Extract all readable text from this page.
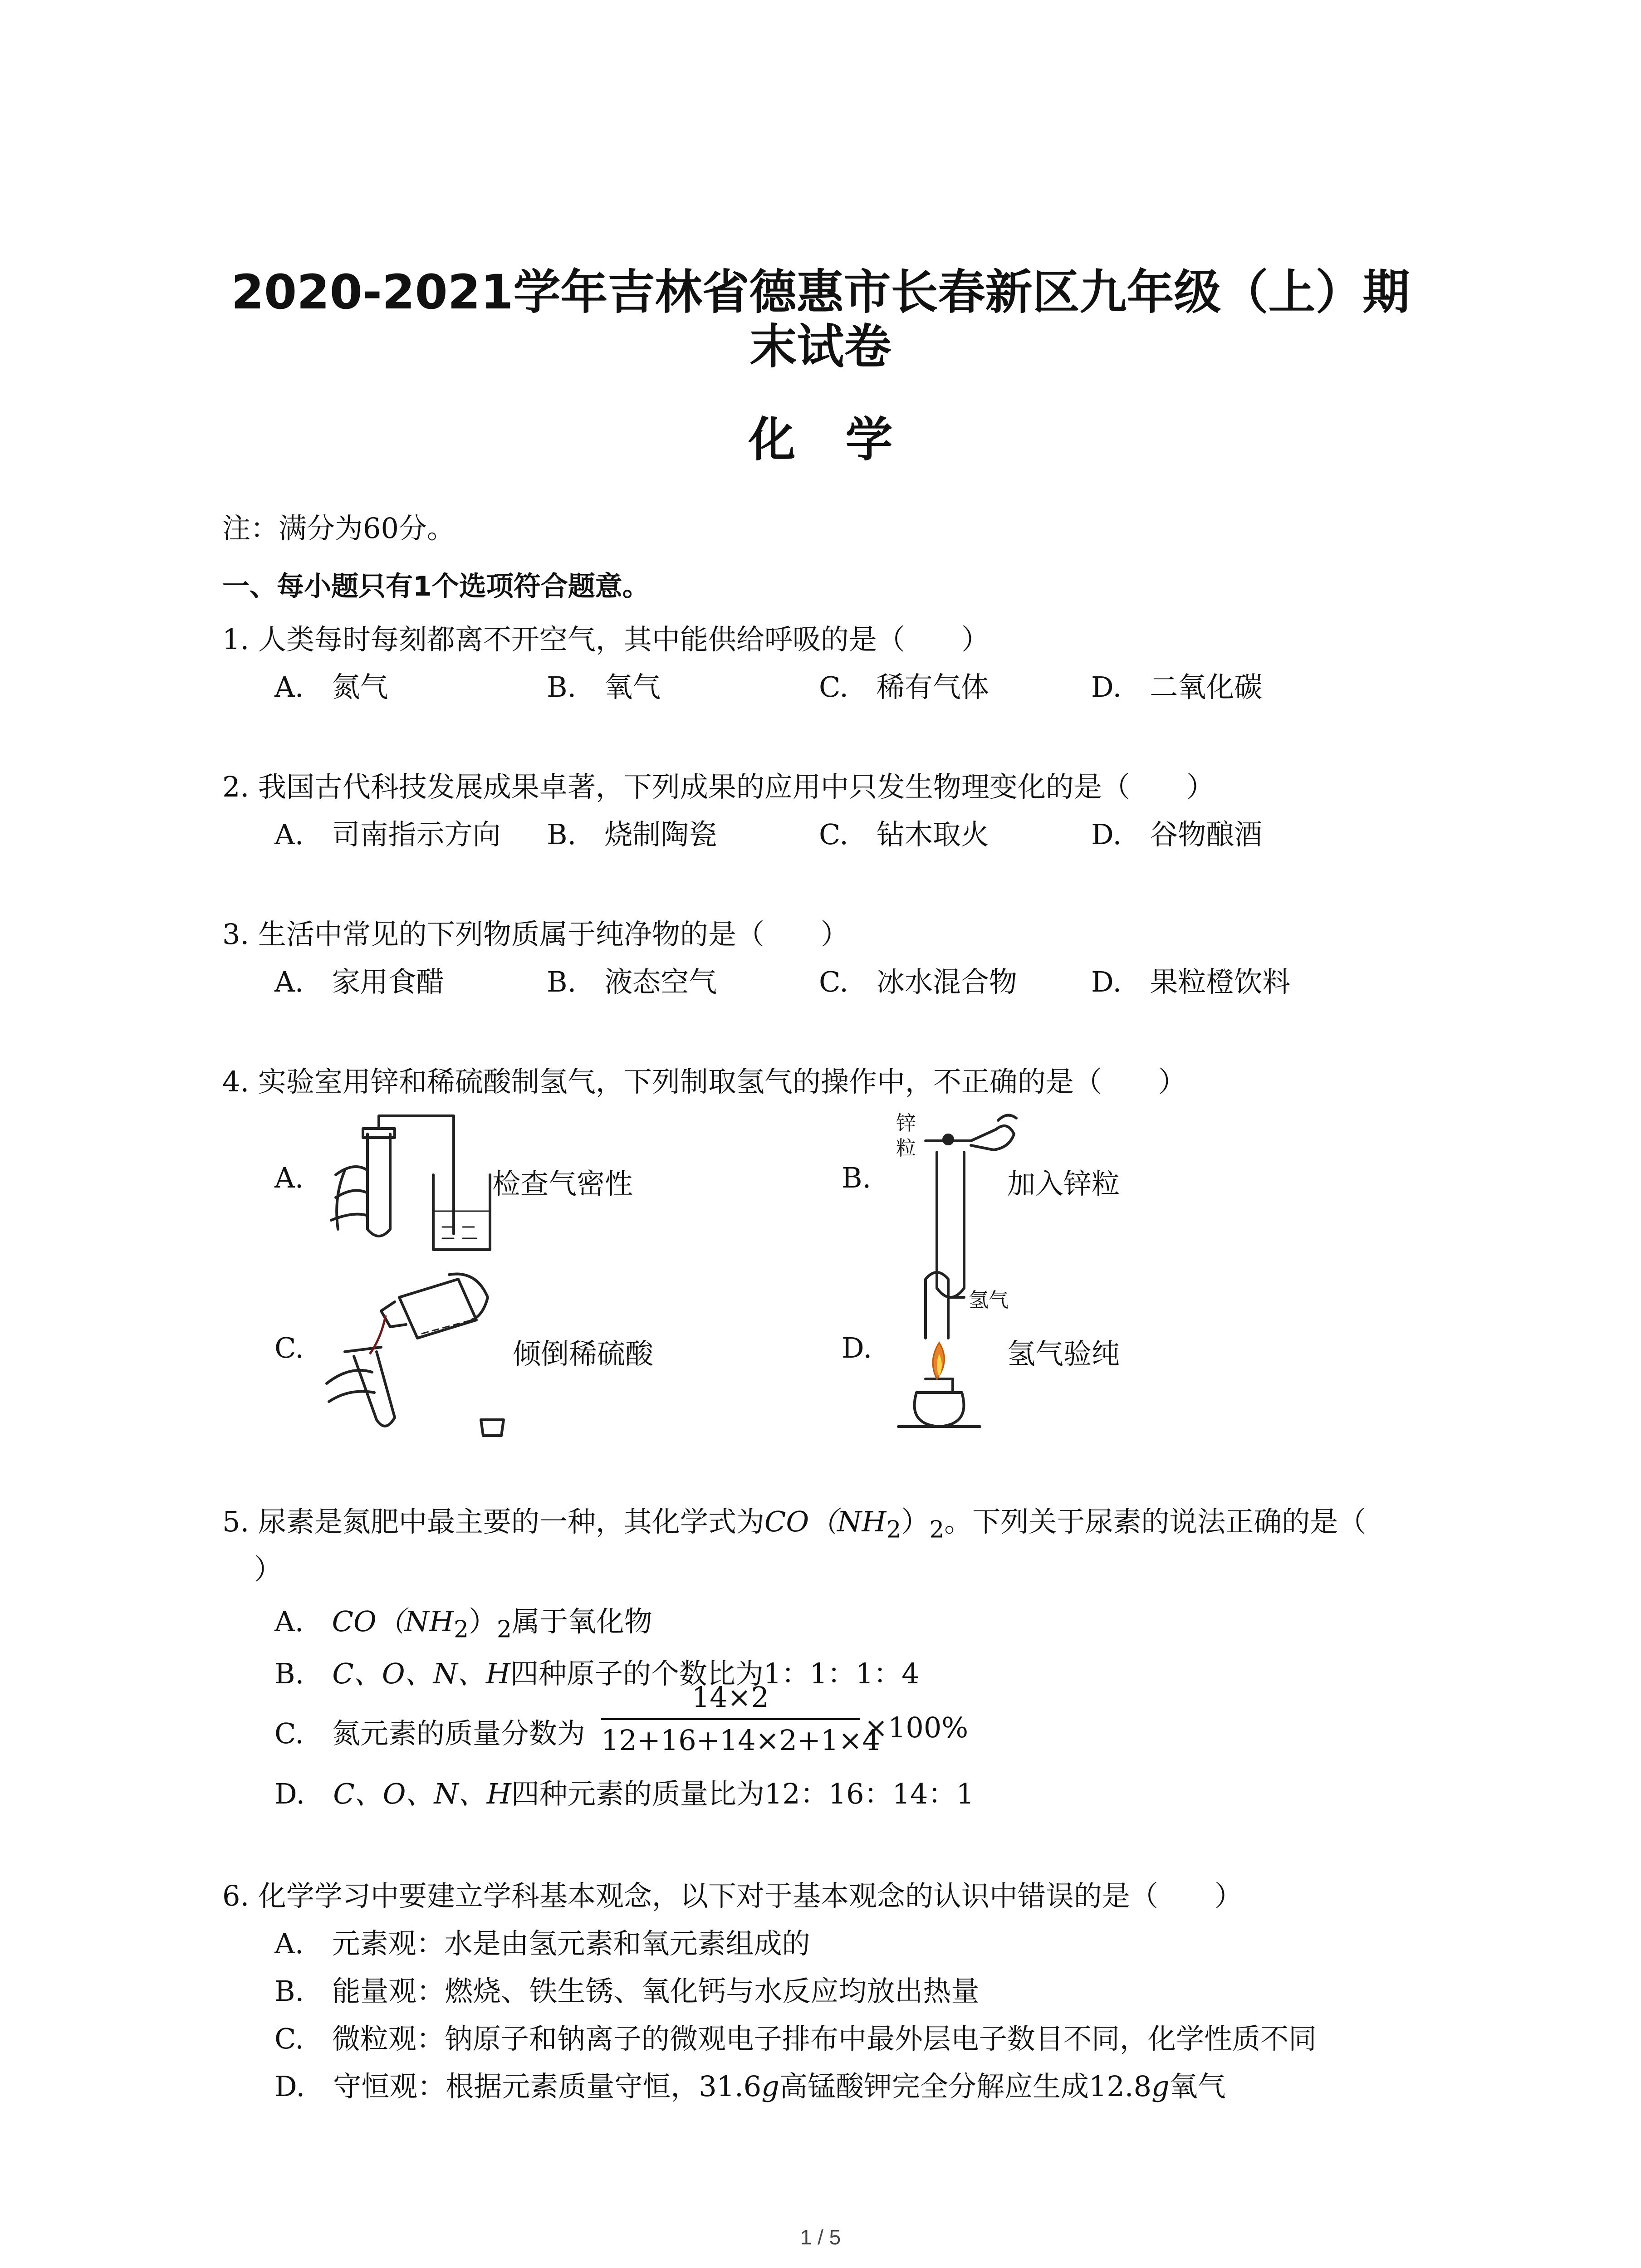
2020-2021学年吉林省德惠市长春新区九年级（上）期
末试卷
化学
注：满分为60分。
一、每小题只有1个选项符合题意。
1. 人类每时每刻都离不开空气，其中能供给呼吸的是（　　）
A.　氮气	B.　氧气	C.　稀有气体	D.　二氧化碳
2. 我国古代科技发展成果卓著，下列成果的应用中只发生物理变化的是（　　）
A.　司南指示方向 B.　烧制陶瓷	C.　钻木取火	D.　谷物酿酒
3. 生活中常见的下列物质属于纯净物的是（　　）
A.　家用食醋	B.　液态空气	C.　冰水混合物	D.　果粒橙饮料
4. 实验室用锌和稀硫酸制氢气，下列制取氢气的操作中，不正确的是（　　）
A.	检查气密性	B.
锌
粒
加入锌粒
C.	倾倒稀硫酸	D.
氢气
氢气验纯
5. 尿素是氮肥中最主要的一种，其化学式为$CO(NH_2)_2$。下列关于尿素的说法正确的是（
）
A.　 $CO(NH_2)_2$属于氧化物
B.　 C、O、N、H四种原子的个数比为1：1：1：4
C.　 氮元素的质量分数为
14×2
12+16+14×2+1×4
×100%
D.　 C、O、N、H四种元素的质量比为12：16：14：1
6. 化学学习中要建立学科基本观念，以下对于基本观念的认识中错误的是（　　）
A.　元素观：水是由氢元素和氧元素组成的
B.　能量观：燃烧、铁生锈、氧化钙与水反应均放出热量
C.　微粒观：钠原子和钠离子的微观电子排布中最外层电子数目不同，化学性质不同
D.　守恒观：根据元素质量守恒，31.6g高锰酸钾完全分解应生成12.8g氧气
1 / 5
